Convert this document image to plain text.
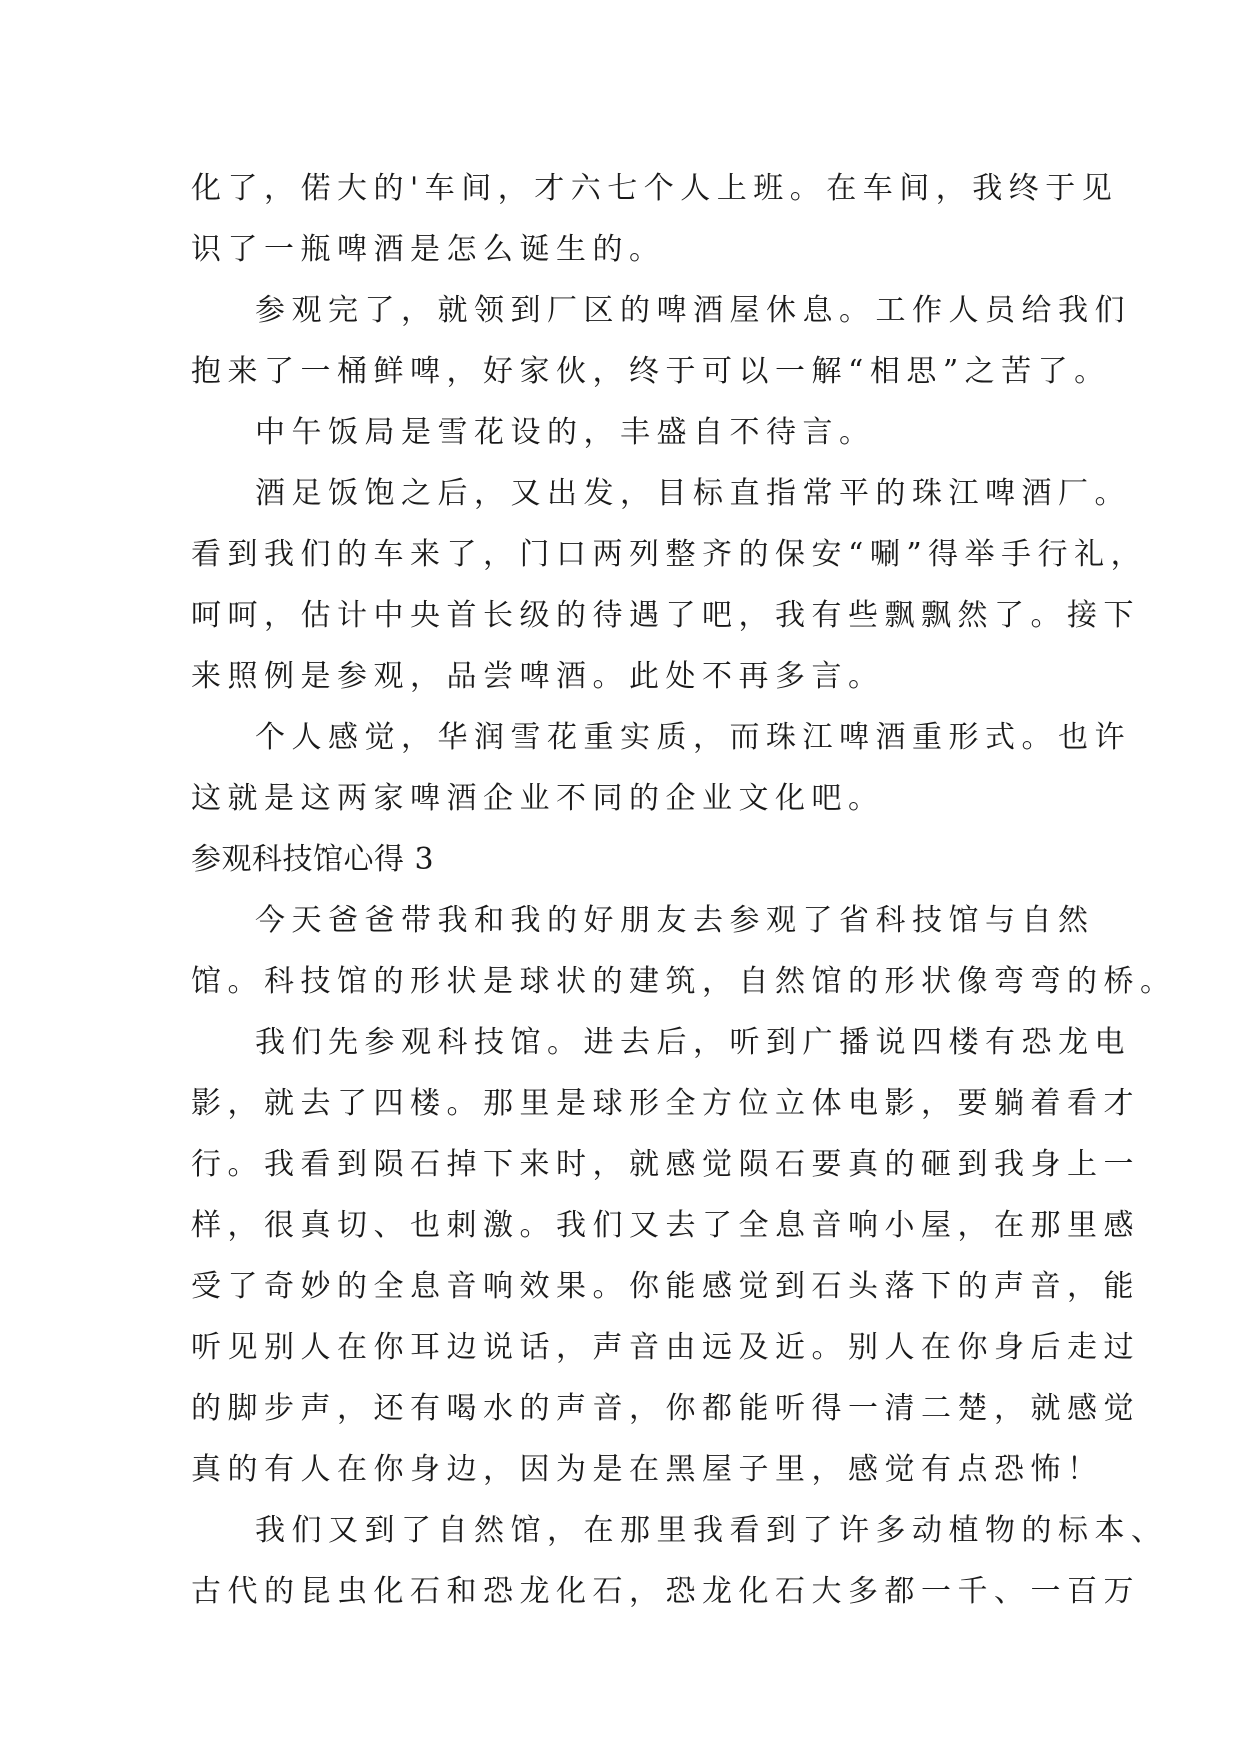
化了，偌大的'车间，才六七个人上班。在车间，我终于见
识了一瓶啤酒是怎么诞生的。
参观完了，就领到厂区的啤酒屋休息。工作人员给我们
抱来了一桶鲜啤，好家伙，终于可以一解“相思”之苦了。
中午饭局是雪花设的，丰盛自不待言。
酒足饭饱之后，又出发，目标直指常平的珠江啤酒厂。
看到我们的车来了，门口两列整齐的保安“唰”得举手行礼，
呵呵，估计中央首长级的待遇了吧，我有些飘飘然了。接下
来照例是参观，品尝啤酒。此处不再多言。
个人感觉，华润雪花重实质，而珠江啤酒重形式。也许
这就是这两家啤酒企业不同的企业文化吧。
参观科技馆心得 3
今天爸爸带我和我的好朋友去参观了省科技馆与自然
馆。科技馆的形状是球状的建筑，自然馆的形状像弯弯的桥。
我们先参观科技馆。进去后，听到广播说四楼有恐龙电
影，就去了四楼。那里是球形全方位立体电影，要躺着看才
行。我看到陨石掉下来时，就感觉陨石要真的砸到我身上一
样，很真切、也刺激。我们又去了全息音响小屋，在那里感
受了奇妙的全息音响效果。你能感觉到石头落下的声音，能
听见别人在你耳边说话，声音由远及近。别人在你身后走过
的脚步声，还有喝水的声音，你都能听得一清二楚，就感觉
真的有人在你身边，因为是在黑屋子里，感觉有点恐怖！
我们又到了自然馆，在那里我看到了许多动植物的标本、
古代的昆虫化石和恐龙化石，恐龙化石大多都一千、一百万
